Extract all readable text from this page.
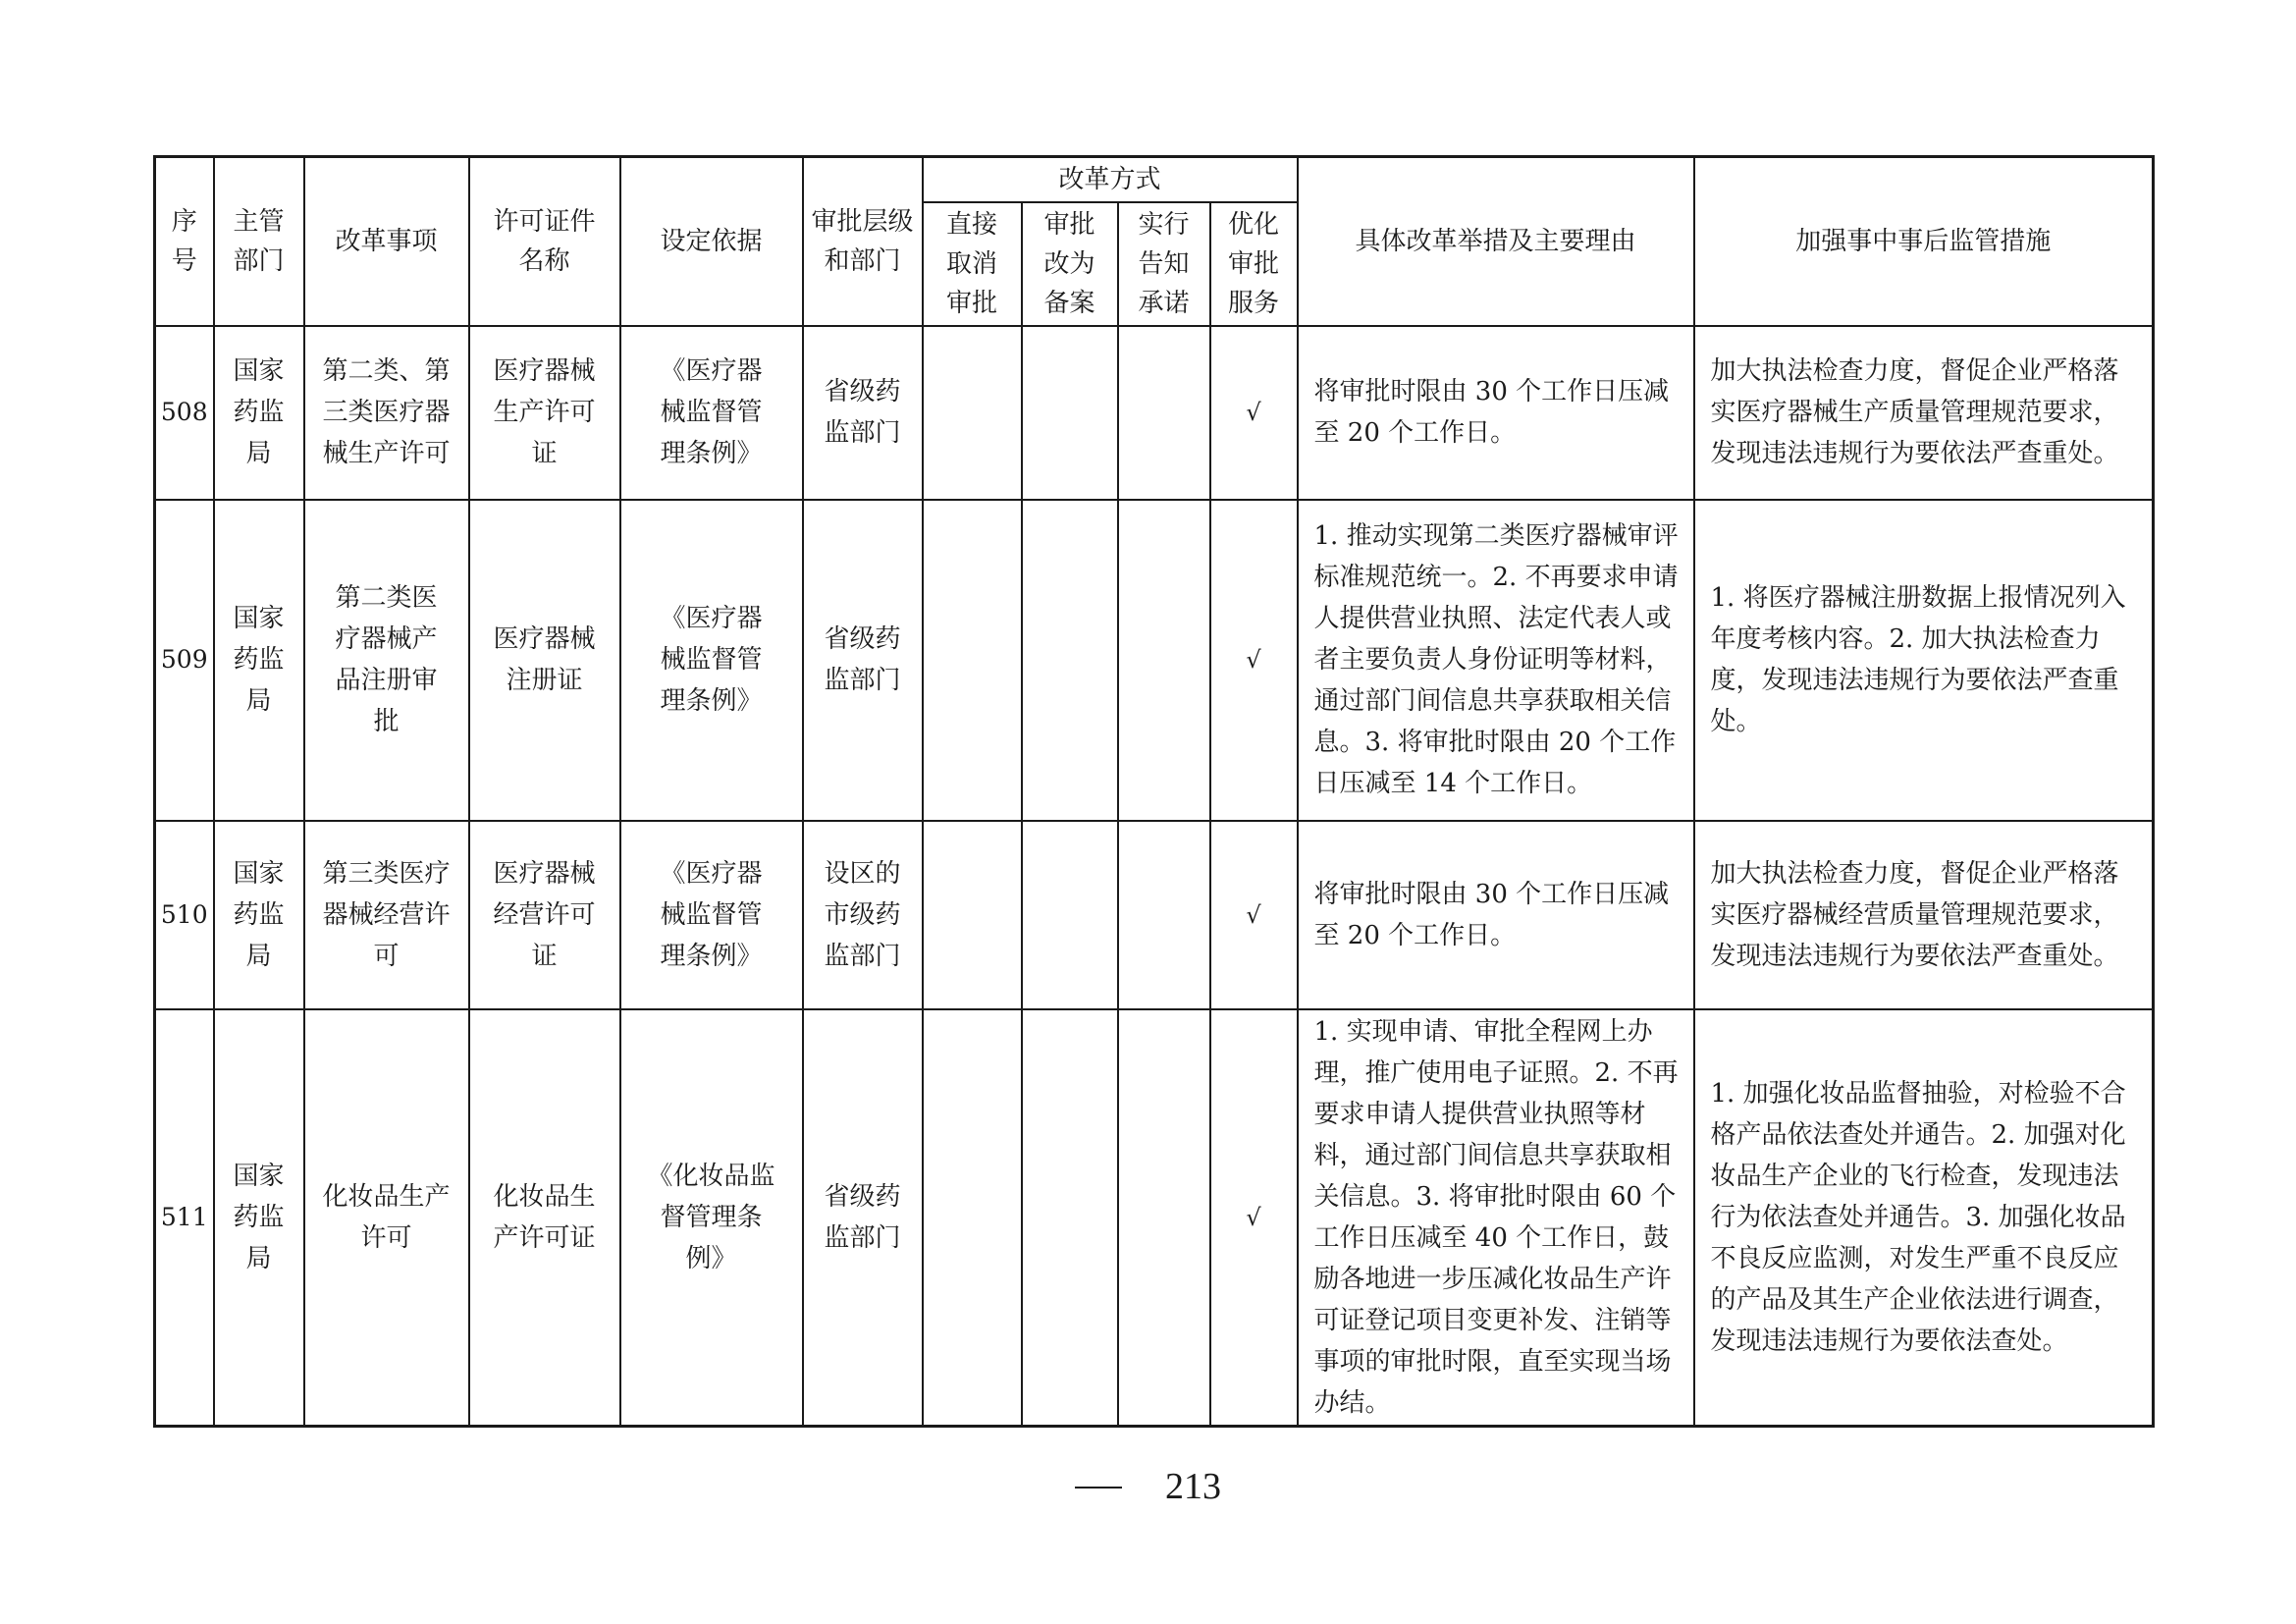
序号	主管部门	改革事项	许可证件名称	设定依据	审批层级和部门	改革方式				具体改革举措及主要理由	加强事中事后监管措施

						直接取消审批	审批改为备案	实行告知承诺	优化审批服务		

508	国家药监局	第二类、第三类医疗器械生产许可	医疗器械生产许可证	《医疗器械监督管理条例》	省级药监部门				√	将审批时限由 30 个工作日压减至 20 个工作日。	加大执法检查力度，督促企业严格落实医疗器械生产质量管理规范要求，发现违法违规行为要依法严查重处。
509	国家药监局	第二类医疗器械产品注册审批	医疗器械注册证	《医疗器械监督管理条例》	省级药监部门				√	1. 推动实现第二类医疗器械审评标准规范统一。2. 不再要求申请人提供营业执照、法定代表人或者主要负责人身份证明等材料，通过部门间信息共享获取相关信息。3. 将审批时限由 20 个工作日压减至 14 个工作日。	1. 将医疗器械注册数据上报情况列入年度考核内容。2. 加大执法检查力度，发现违法违规行为要依法严查重处。
510	国家药监局	第三类医疗器械经营许可	医疗器械经营许可证	《医疗器械监督管理条例》	设区的市级药监部门				√	将审批时限由 30 个工作日压减至 20 个工作日。	加大执法检查力度，督促企业严格落实医疗器械经营质量管理规范要求，发现违法违规行为要依法严查重处。
511	国家药监局	化妆品生产许可	化妆品生产许可证	《化妆品监督管理条例》	省级药监部门				√	1. 实现申请、审批全程网上办理，推广使用电子证照。2. 不再要求申请人提供营业执照等材料，通过部门间信息共享获取相关信息。3. 将审批时限由 60 个工作日压减至 40 个工作日，鼓励各地进一步压减化妆品生产许可证登记项目变更补发、注销等事项的审批时限，直至实现当场办结。	1. 加强化妆品监督抽验，对检验不合格产品依法查处并通告。2. 加强对化妆品生产企业的飞行检查，发现违法行为依法查处并通告。3. 加强化妆品不良反应监测，对发生严重不良反应的产品及其生产企业依法进行调查，发现违法违规行为要依法查处。
213
